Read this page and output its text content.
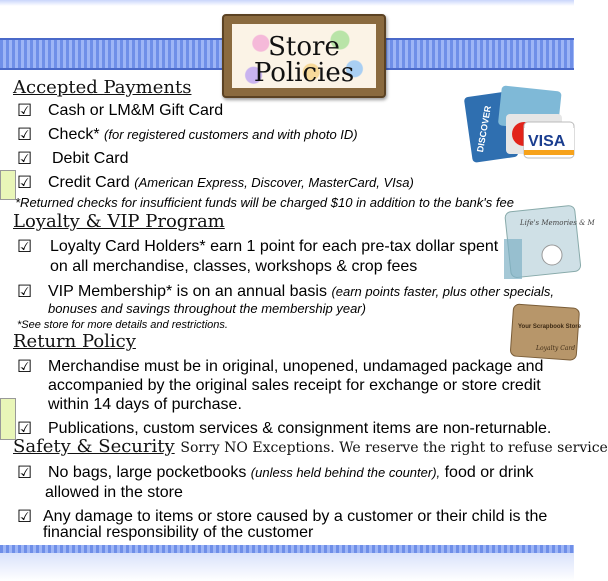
Store
Policies
DISCOVER VISA
Life's Memories & M
Your Scrapbook Store
Loyalty Card
Accepted Payments
☑ Cash or LM&M Gift Card
☑ Check* (for registered customers and with photo ID)
☑ Debit Card
☑ Credit Card (American Express, Discover, MasterCard, VIsa)
*Returned checks for insufficient funds will be charged $10 in addition to the bank's fee
Loyalty & VIP Program
☑ Loyalty Card Holders* earn 1 point for each pre-tax dollar spent
on all merchandise, classes, workshops & crop fees
☑ VIP Membership* is on an annual basis (earn points faster, plus other specials,
bonuses and savings throughout the membership year)
*See store for more details and restrictions.
Return Policy
☑ Merchandise must be in original, unopened, undamaged package and
accompanied by the original sales receipt for exchange or store credit
within 14 days of purchase.
☑ Publications, custom services & consignment items are non-returnable.
Safety & Security Sorry NO Exceptions. We reserve the right to refuse service
☑ No bags, large pocketbooks (unless held behind the counter), food or drink
allowed in the store
☑ Any damage to items or store caused by a customer or their child is the
financial responsibility of the customer
